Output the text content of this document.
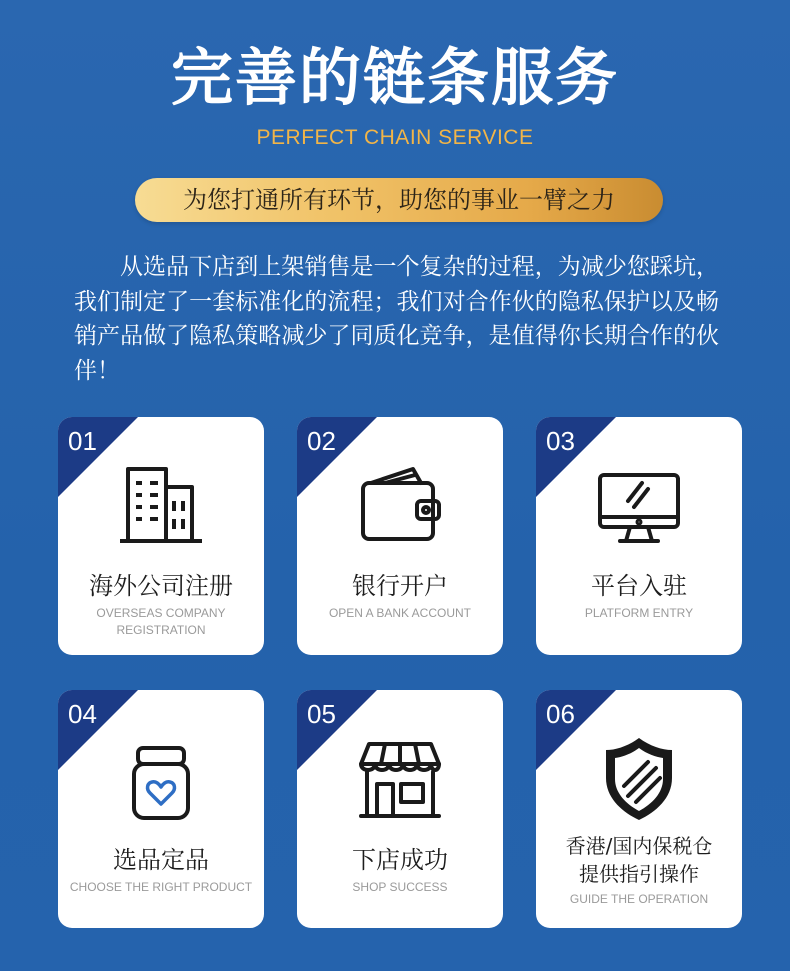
完善的链条服务
PERFECT CHAIN SERVICE
为您打通所有环节，助您的事业一臂之力
从选品下店到上架销售是一个复杂的过程，为减少您踩坑，我们制定了一套标准化的流程；我们对合作伙的隐私保护以及畅销产品做了隐私策略减少了同质化竞争，是值得你长期合作的伙伴！
01
海外公司注册
OVERSEAS COMPANY REGISTRATION
02
银行开户
OPEN A BANK ACCOUNT
03
平台入驻
PLATFORM ENTRY
04
选品定品
CHOOSE THE RIGHT PRODUCT
05
下店成功
SHOP SUCCESS
06
香港/国内保税仓
提供指引操作
GUIDE THE OPERATION
